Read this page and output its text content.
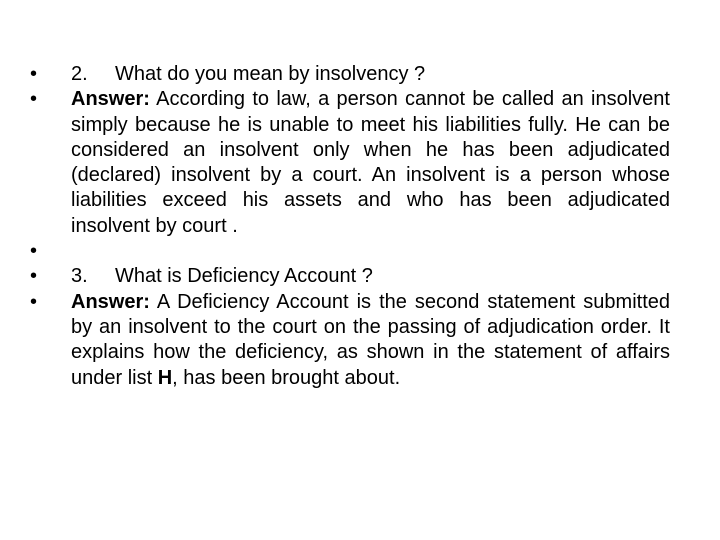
• 2. What do you mean by insolvency ?
• Answer: According to law, a person cannot be called an insolvent simply because he is unable to meet his liabilities fully. He can be considered an insolvent only when he has been adjudicated (declared) insolvent by a court. An insolvent is a person whose liabilities exceed his assets and who has been adjudicated insolvent by court .
•
• 3. What is Deficiency Account ?
• Answer: A Deficiency Account is the second statement submitted by an insolvent to the court on the passing of adjudication order. It explains how the deficiency, as shown in the statement of affairs under list H, has been brought about.
